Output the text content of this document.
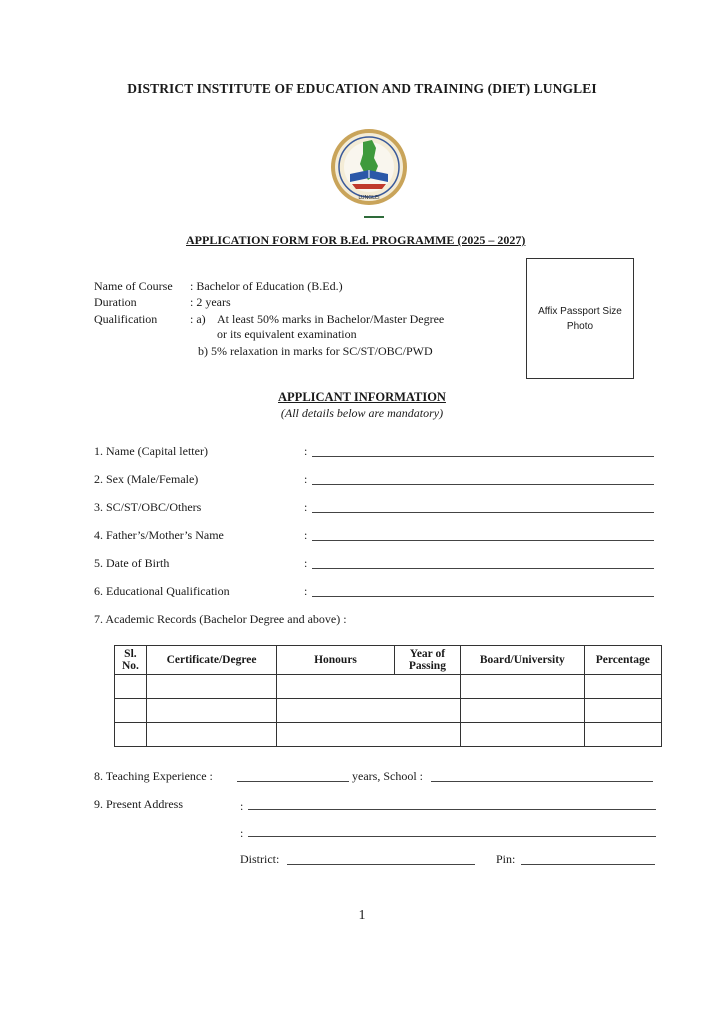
DISTRICT INSTITUTE OF EDUCATION AND TRAINING (DIET) LUNGLEI
LUNGLEI
APPLICATION FORM FOR B.Ed. PROGRAMME (2025 – 2027)
Name of Course : Bachelor of Education (B.Ed.)
Duration	: 2 years
Qualification	: a) At least 50% marks in Bachelor/Master Degree
or its equivalent examination
b) 5% relaxation in marks for SC/ST/OBC/PWD
Affix Passport Size
Photo
APPLICANT INFORMATION
(All details below are mandatory)
1. Name (Capital letter)	:
2. Sex (Male/Female)	:
3. SC/ST/OBC/Others	:
4. Father’s/Mother’s Name	:
5. Date of Birth	:
6. Educational Qualification	:
7. Academic Records (Bachelor Degree and above) :
Sl. No.	Certificate/Degree	Honours	Year of Passing	Board/University	Percentage

8. Teaching Experience :	years, School :
9. Present Address	:
:
District:	Pin:
1
